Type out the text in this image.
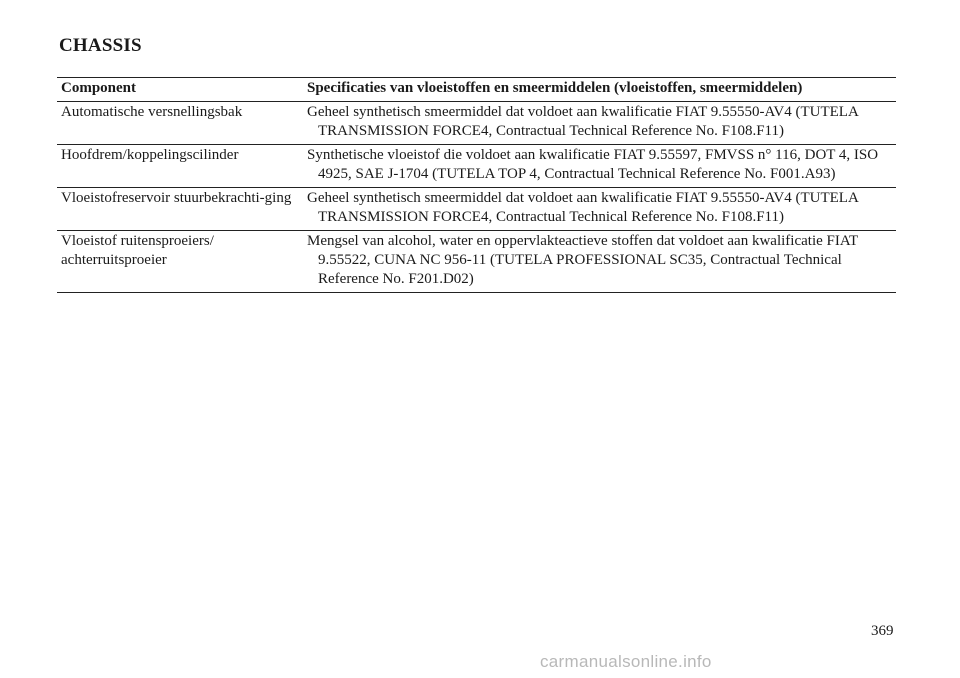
CHASSIS
Component	Specificaties van vloeistoffen en smeermiddelen (vloeistoffen, smeermiddelen)
Automatische versnellingsbak	Geheel synthetisch smeermiddel dat voldoet aan kwalificatie FIAT 9.55550-AV4 (TUTELA TRANSMISSION FORCE4, Contractual Technical Reference No. F108.F11)
Hoofdrem/koppelingscilinder	Synthetische vloeistof die voldoet aan kwalificatie FIAT 9.55597, FMVSS n° 116, DOT 4, ISO 4925, SAE J-1704 (TUTELA TOP 4, Contractual Technical Reference No. F001.A93)
Vloeistofreservoir stuurbekrachti-ging	Geheel synthetisch smeermiddel dat voldoet aan kwalificatie FIAT 9.55550-AV4 (TUTELA TRANSMISSION FORCE4, Contractual Technical Reference No. F108.F11)
Vloeistof ruitensproeiers/ achterruitsproeier	Mengsel van alcohol, water en oppervlakteactieve stoffen dat voldoet aan kwalificatie FIAT 9.55522, CUNA NC 956-11 (TUTELA PROFESSIONAL SC35, Contractual Technical Reference No. F201.D02)
369
carmanualsonline.info
